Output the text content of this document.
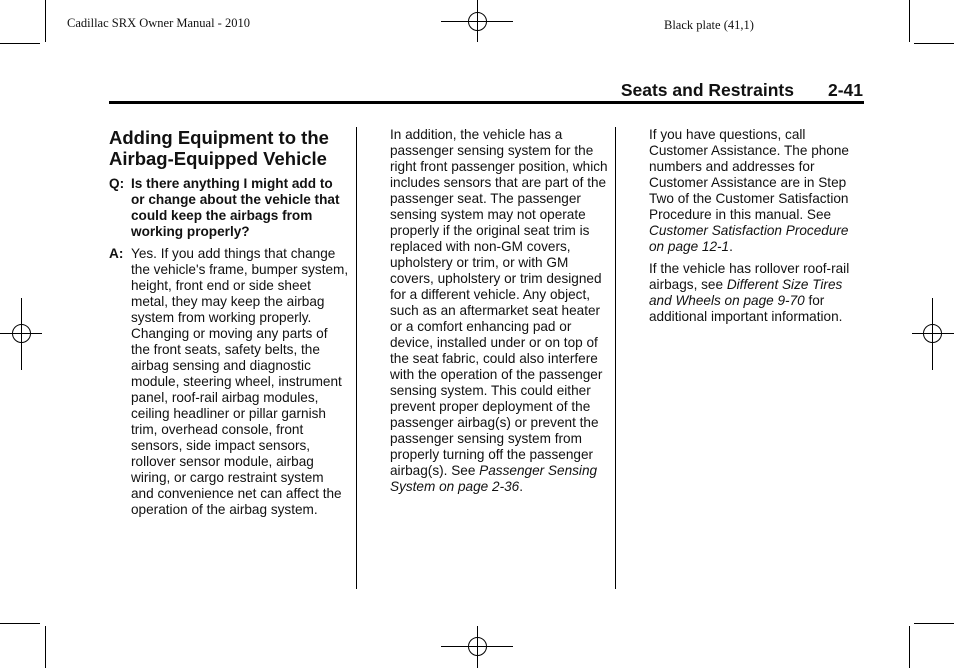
Cadillac SRX Owner Manual - 2010	Black plate (41,1)
Seats and Restraints 2-41
Adding Equipment to the Airbag-Equipped Vehicle
Q: Is there anything I might add to or change about the vehicle that could keep the airbags from working properly?
A: Yes. If you add things that change the vehicle's frame, bumper system, height, front end or side sheet metal, they may keep the airbag system from working properly. Changing or moving any parts of the front seats, safety belts, the airbag sensing and diagnostic module, steering wheel, instrument panel, roof-rail airbag modules, ceiling headliner or pillar garnish trim, overhead console, front sensors, side impact sensors, rollover sensor module, airbag wiring, or cargo restraint system and convenience net can affect the operation of the airbag system.

In addition, the vehicle has a passenger sensing system for the right front passenger position, which includes sensors that are part of the passenger seat. The passenger sensing system may not operate properly if the original seat trim is replaced with non-GM covers, upholstery or trim, or with GM covers, upholstery or trim designed for a different vehicle. Any object, such as an aftermarket seat heater or a comfort enhancing pad or device, installed under or on top of the seat fabric, could also interfere with the operation of the passenger sensing system. This could either prevent proper deployment of the passenger airbag(s) or prevent the passenger sensing system from properly turning off the passenger airbag(s). See Passenger Sensing System on page 2-36.

If you have questions, call Customer Assistance. The phone numbers and addresses for Customer Assistance are in Step Two of the Customer Satisfaction Procedure in this manual. See Customer Satisfaction Procedure on page 12-1.

If the vehicle has rollover roof-rail airbags, see Different Size Tires and Wheels on page 9-70 for additional important information.
